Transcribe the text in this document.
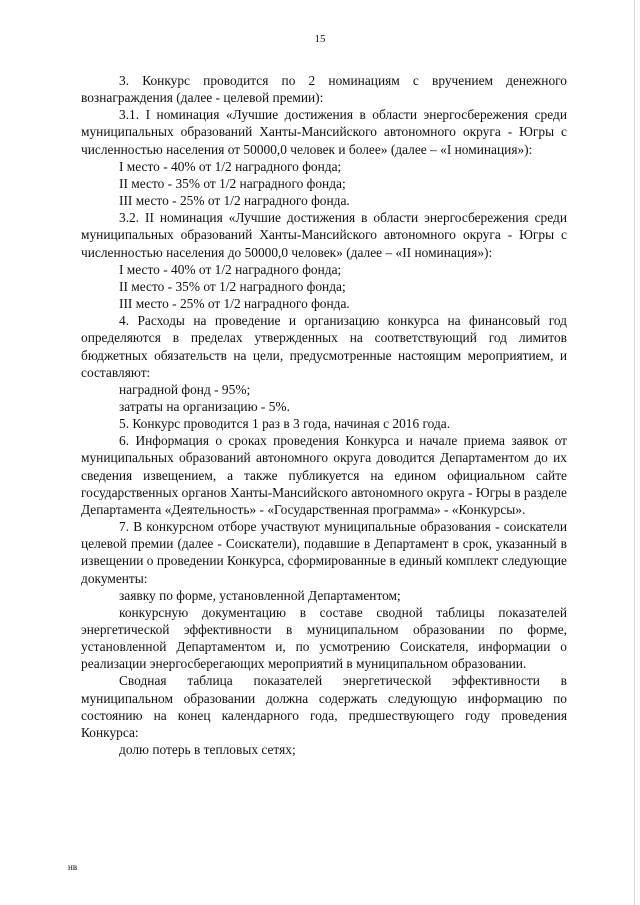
15

3. Конкурс проводится по 2 номинациям с вручением денежного вознаграждения (далее - целевой премии):

3.1. I номинация «Лучшие достижения в области энергосбережения среди муниципальных образований Ханты-Мансийского автономного округа - Югры с численностью населения от 50000,0 человек и более» (далее – «I номинация»):

I место - 40% от 1/2 наградного фонда;

II место - 35% от 1/2 наградного фонда;

III место - 25% от 1/2 наградного фонда.

3.2. II номинация «Лучшие достижения в области энергосбережения среди муниципальных образований Ханты-Мансийского автономного округа - Югры с численностью населения до 50000,0 человек» (далее – «II номинация»):

I место - 40% от 1/2 наградного фонда;

II место - 35% от 1/2 наградного фонда;

III место - 25% от 1/2 наградного фонда.

4. Расходы на проведение и организацию конкурса на финансовый год определяются в пределах утвержденных на соответствующий год лимитов бюджетных обязательств на цели, предусмотренные настоящим мероприятием, и составляют:

наградной фонд - 95%;

затраты на организацию - 5%.

5. Конкурс проводится 1 раз в 3 года, начиная с 2016 года.

6. Информация о сроках проведения Конкурса и начале приема заявок от муниципальных образований автономного округа доводится Департаментом до их сведения извещением, а также публикуется на едином официальном сайте государственных органов Ханты-Мансийского автономного округа - Югры в разделе Департамента «Деятельность» - «Государственная программа» - «Конкурсы».

7. В конкурсном отборе участвуют муниципальные образования - соискатели целевой премии (далее - Соискатели), подавшие в Департамент в срок, указанный в извещении о проведении Конкурса, сформированные в единый комплект следующие документы:

заявку по форме, установленной Департаментом;

конкурсную документацию в составе сводной таблицы показателей энергетической эффективности в муниципальном образовании по форме, установленной Департаментом и, по усмотрению Соискателя, информации о реализации энергосберегающих мероприятий в муниципальном образовании.

Сводная таблица показателей энергетической эффективности в муниципальном образовании должна содержать следующую информацию по состоянию на конец календарного года, предшествующего году проведения Конкурса:

долю потерь в тепловых сетях;

нв
